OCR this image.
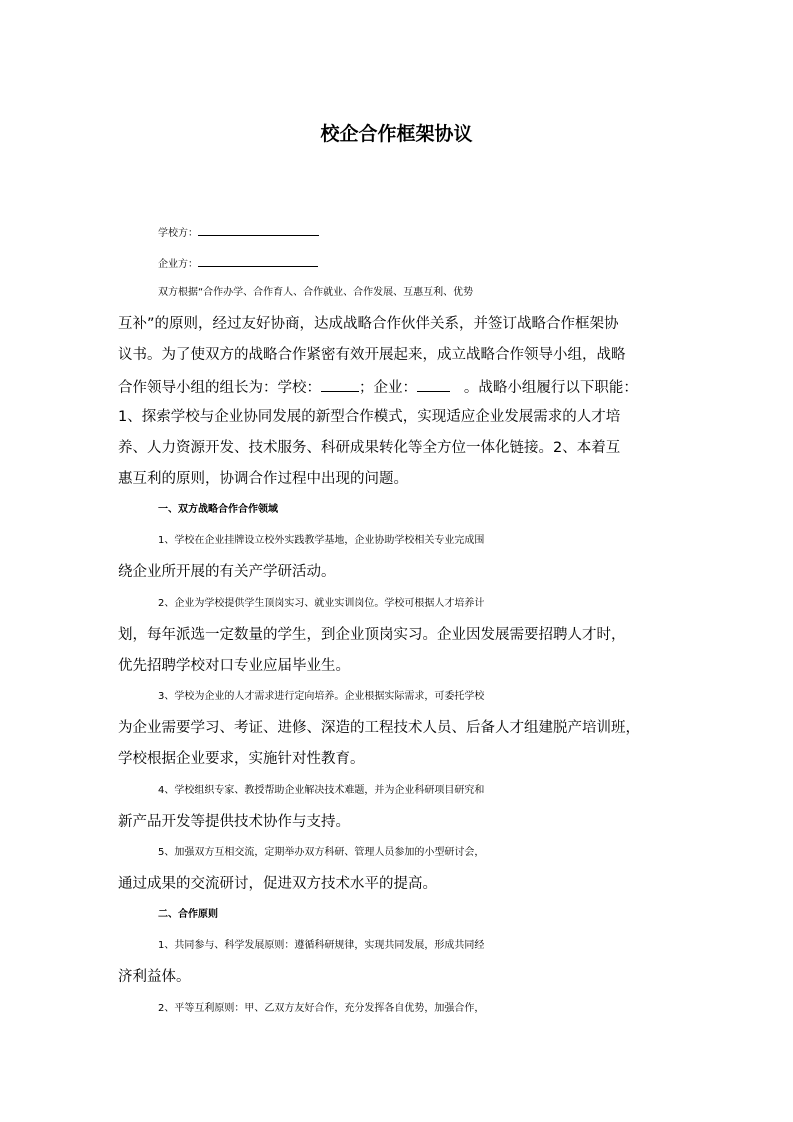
校企合作框架协议
学校方：
企业方：
双方根据“合作办学、合作育人、合作就业、合作发展、互惠互利、优势
互补”的原则，经过友好协商，达成战略合作伙伴关系，并签订战略合作框架协
议书。为了使双方的战略合作紧密有效开展起来，成立战略合作领导小组，战略
合作领导小组的组长为：学校：	；企业：	。战略小组履行以下职能：
1、探索学校与企业协同发展的新型合作模式，实现适应企业发展需求的人才培
养、人力资源开发、技术服务、科研成果转化等全方位一体化链接。2、本着互
惠互利的原则，协调合作过程中出现的问题。
一、双方战略合作合作领域
1、学校在企业挂牌设立校外实践教学基地，企业协助学校相关专业完成围
绕企业所开展的有关产学研活动。
2、企业为学校提供学生顶岗实习、就业实训岗位。学校可根据人才培养计
划，每年派选一定数量的学生，到企业顶岗实习。企业因发展需要招聘人才时，
优先招聘学校对口专业应届毕业生。
3、学校为企业的人才需求进行定向培养。企业根据实际需求，可委托学校
为企业需要学习、考证、进修、深造的工程技术人员、后备人才组建脱产培训班，
学校根据企业要求，实施针对性教育。
4、学校组织专家、教授帮助企业解决技术难题，并为企业科研项目研究和
新产品开发等提供技术协作与支持。
5、加强双方互相交流，定期举办双方科研、管理人员参加的小型研讨会，
通过成果的交流研讨，促进双方技术水平的提高。
二、合作原则
1、共同参与、科学发展原则：遵循科研规律，实现共同发展，形成共同经
济利益体。
2、平等互利原则：甲、乙双方友好合作，充分发挥各自优势，加强合作，
